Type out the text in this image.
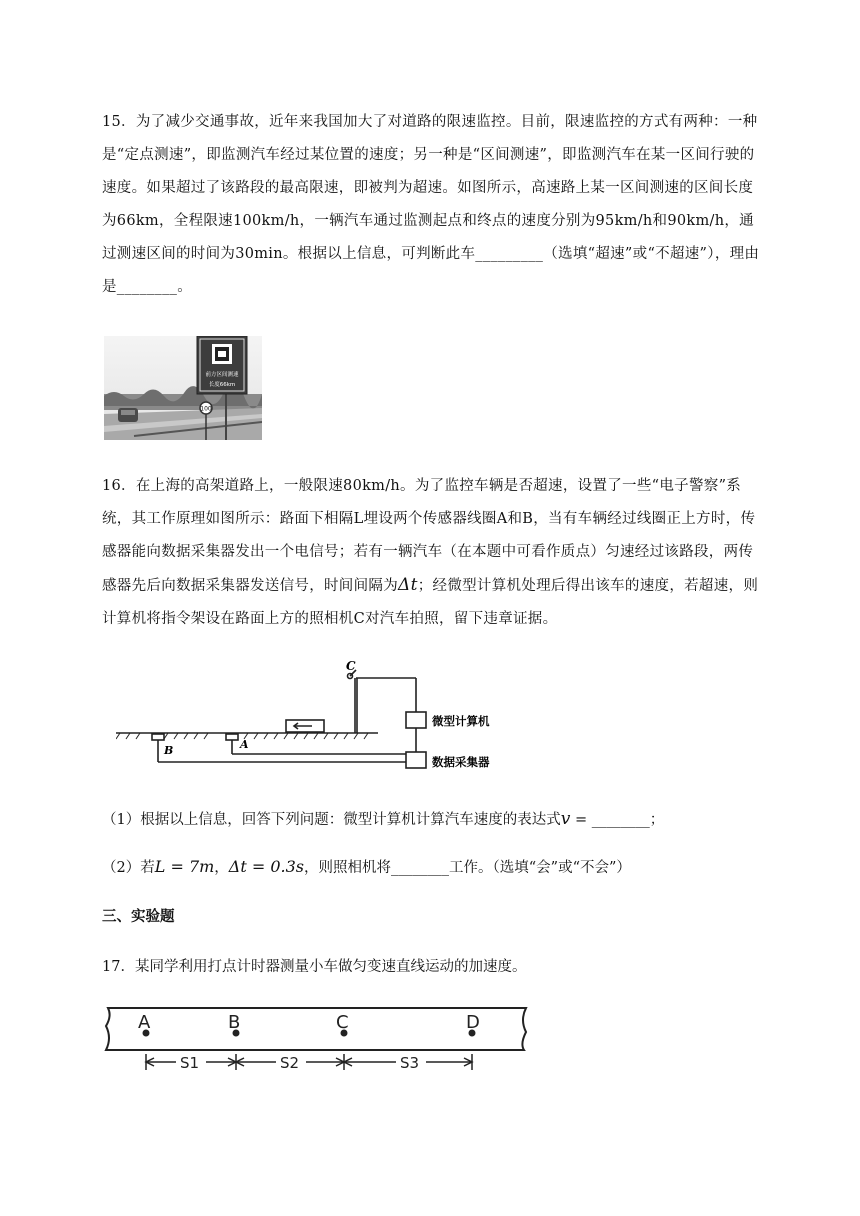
15．为了减少交通事故，近年来我国加大了对道路的限速监控。目前，限速监控的方式有两种：一种是“定点测速”，即监测汽车经过某位置的速度；另一种是“区间测速”，即监测汽车在某一区间行驶的速度。如果超过了该路段的最高限速，即被判为超速。如图所示，高速路上某一区间测速的区间长度为66km，全程限速100km/h，一辆汽车通过监测起点和终点的速度分别为95km/h和90km/h，通过测速区间的时间为30min。根据以上信息，可判断此车_________（选填“超速”或“不超速”），理由是________。

100
前方区间测速
长度66km

16．在上海的高架道路上，一般限速80km/h。为了监控车辆是否超速，设置了一些“电子警察”系统，其工作原理如图所示：路面下相隔L埋设两个传感器线圈A和B，当有车辆经过线圈正上方时，传感器能向数据采集器发出一个电信号；若有一辆汽车（在本题中可看作质点）匀速经过该路段，两传感器先后向数据采集器发送信号，时间间隔为Δt；经微型计算机处理后得出该车的速度，若超速，则计算机将指令架设在路面上方的照相机C对汽车拍照，留下违章证据。

C
A
B
微型计算机
数据采集器
（1）根据以上信息，回答下列问题：微型计算机计算汽车速度的表达式v = ________；
（2）若L = 7m，Δt = 0.3s，则照相机将________工作。（选填“会”或“不会”）
三、实验题
17．某同学利用打点计时器测量小车做匀变速直线运动的加速度。
A	B	C	D
S1	S2	S3
